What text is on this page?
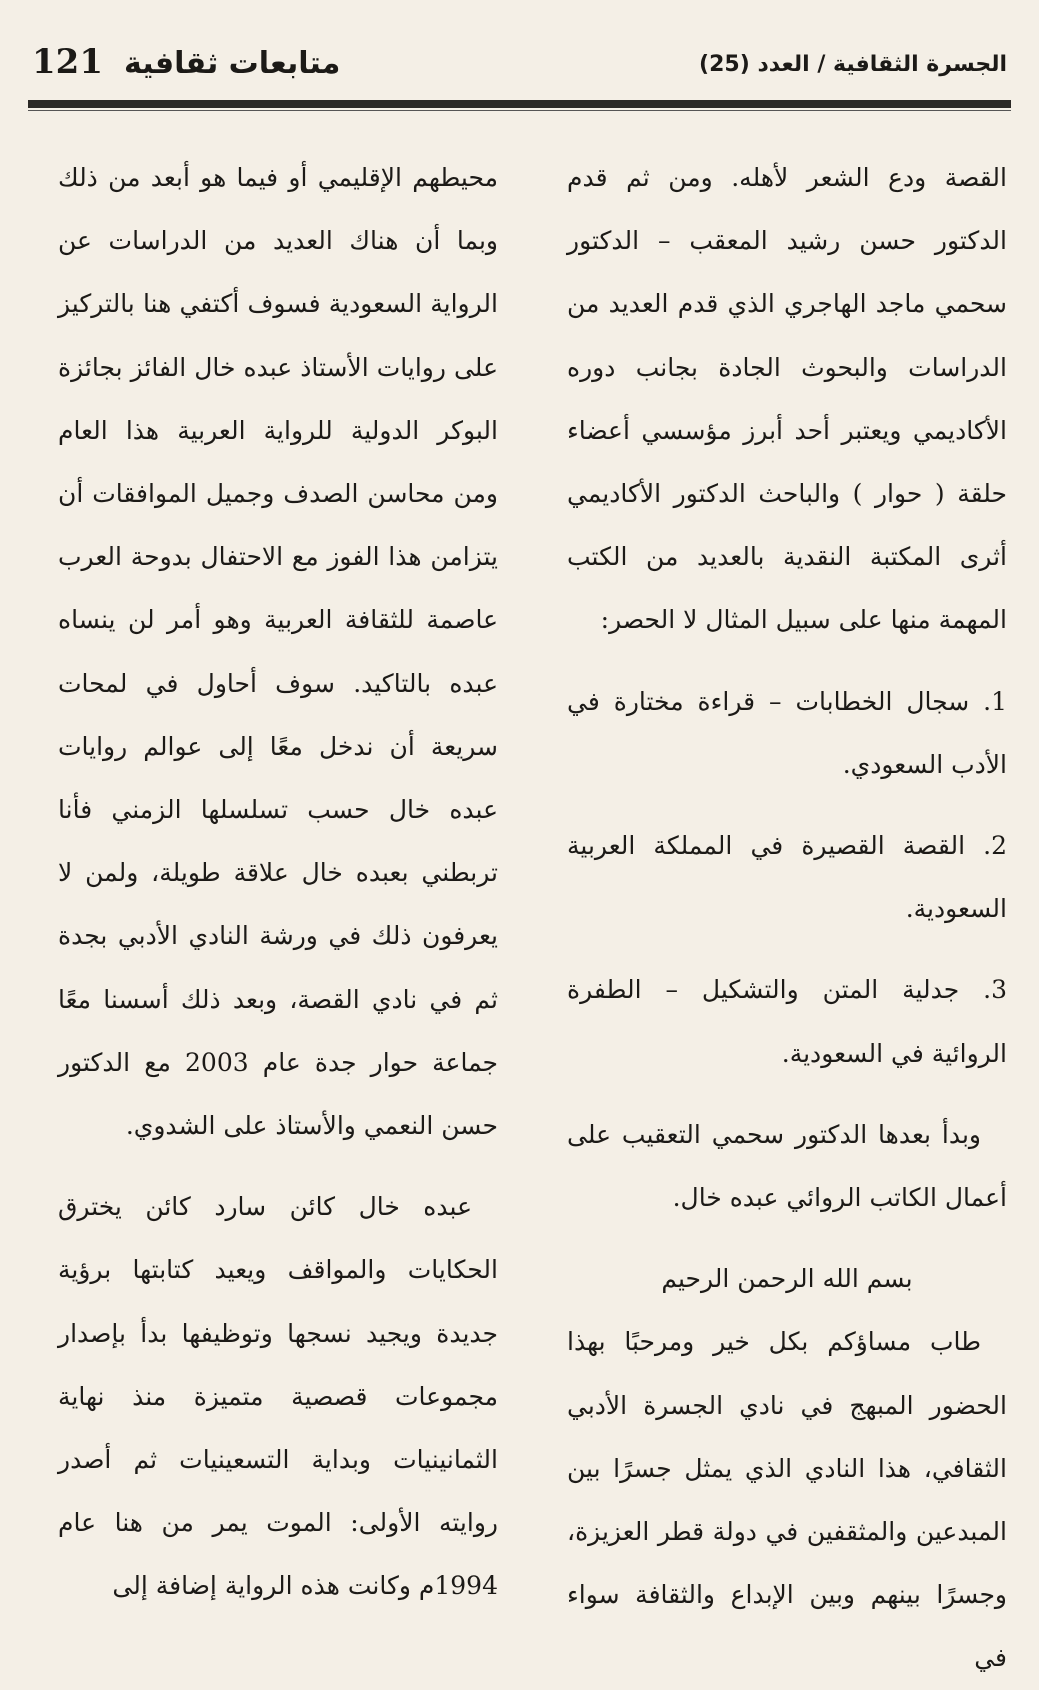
121 متابعات ثقافية	الجسرة الثقافية / العدد (25)

القصة ودع الشعر لأهله. ومن ثم قدم الدكتور حسن رشيد المعقب – الدكتور سحمي ماجد الهاجري الذي قدم العديد من الدراسات والبحوث الجادة بجانب دوره الأكاديمي ويعتبر أحد أبرز مؤسسي أعضاء حلقة ( حوار ) والباحث الدكتور الأكاديمي أثرى المكتبة النقدية بالعديد من الكتب المهمة منها على سبيل المثال لا الحصر:

1. سجال الخطابات – قراءة مختارة في الأدب السعودي.

2. القصة القصيرة في المملكة العربية السعودية.

3. جدلية المتن والتشكيل – الطفرة الروائية في السعودية.

وبدأ بعدها الدكتور سحمي التعقيب على أعمال الكاتب الروائي عبده خال.

بسم الله الرحمن الرحيم

طاب مساؤكم بكل خير ومرحبًا بهذا الحضور المبهج في نادي الجسرة الأدبي الثقافي، هذا النادي الذي يمثل جسرًا بين المبدعين والمثقفين في دولة قطر العزيزة، وجسرًا بينهم وبين الإبداع والثقافة سواء في

محيطهم الإقليمي أو فيما هو أبعد من ذلك وبما أن هناك العديد من الدراسات عن الرواية السعودية فسوف أكتفي هنا بالتركيز على روايات الأستاذ عبده خال الفائز بجائزة البوكر الدولية للرواية العربية هذا العام ومن محاسن الصدف وجميل الموافقات أن يتزامن هذا الفوز مع الاحتفال بدوحة العرب عاصمة للثقافة العربية وهو أمر لن ينساه عبده بالتاكيد. سوف أحاول في لمحات سريعة أن ندخل معًا إلى عوالم روايات عبده خال حسب تسلسلها الزمني فأنا تربطني بعبده خال علاقة طويلة، ولمن لا يعرفون ذلك في ورشة النادي الأدبي بجدة ثم في نادي القصة، وبعد ذلك أسسنا معًا جماعة حوار جدة عام 2003 مع الدكتور حسن النعمي والأستاذ على الشدوي.

عبده خال كائن سارد كائن يخترق الحكايات والمواقف ويعيد كتابتها برؤية جديدة ويجيد نسجها وتوظيفها بدأ بإصدار مجموعات قصصية متميزة منذ نهاية الثمانينيات وبداية التسعينيات ثم أصدر روايته الأولى: الموت يمر من هنا عام 1994م وكانت هذه الرواية إضافة إلى
